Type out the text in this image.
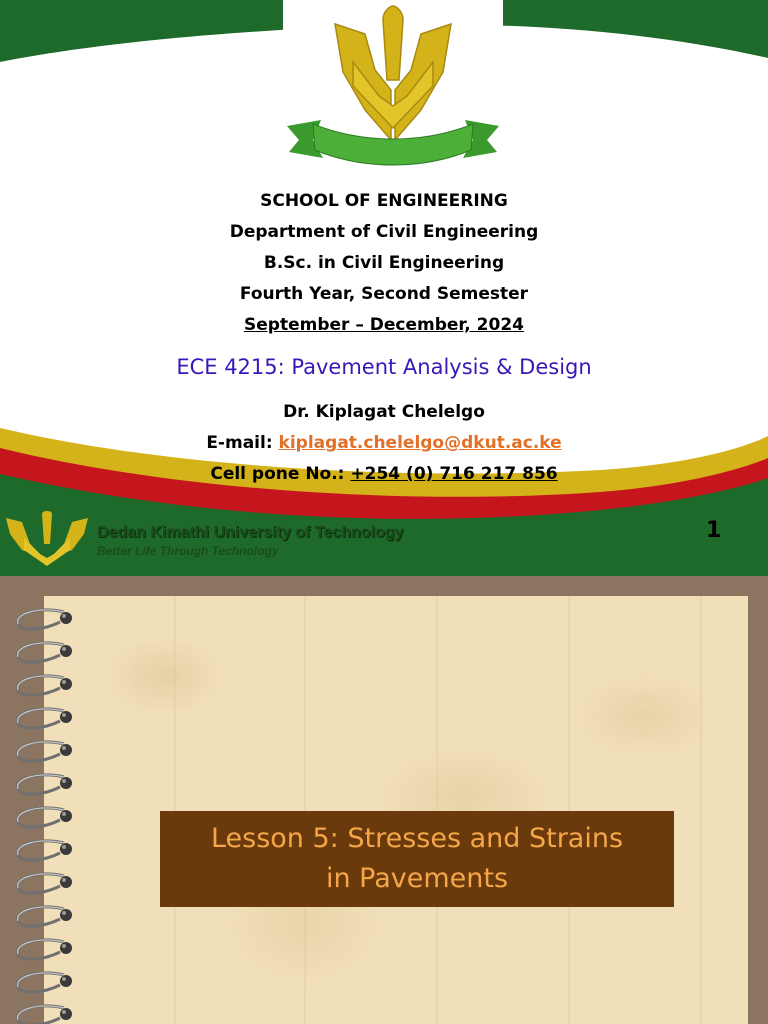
SCHOOL OF ENGINEERING
Department of Civil Engineering
B.Sc. in Civil Engineering
Fourth Year, Second Semester
September – December, 2024
ECE 4215: Pavement Analysis & Design
Dr. Kiplagat Chelelgo
E-mail: kiplagat.chelelgo@dkut.ac.ke
Cell pone No.: +254 (0) 716 217 856
Dedan Kimathi University of Technology
Better Life Through Technology
1
Lesson 5: Stresses and Strains
in Pavements
